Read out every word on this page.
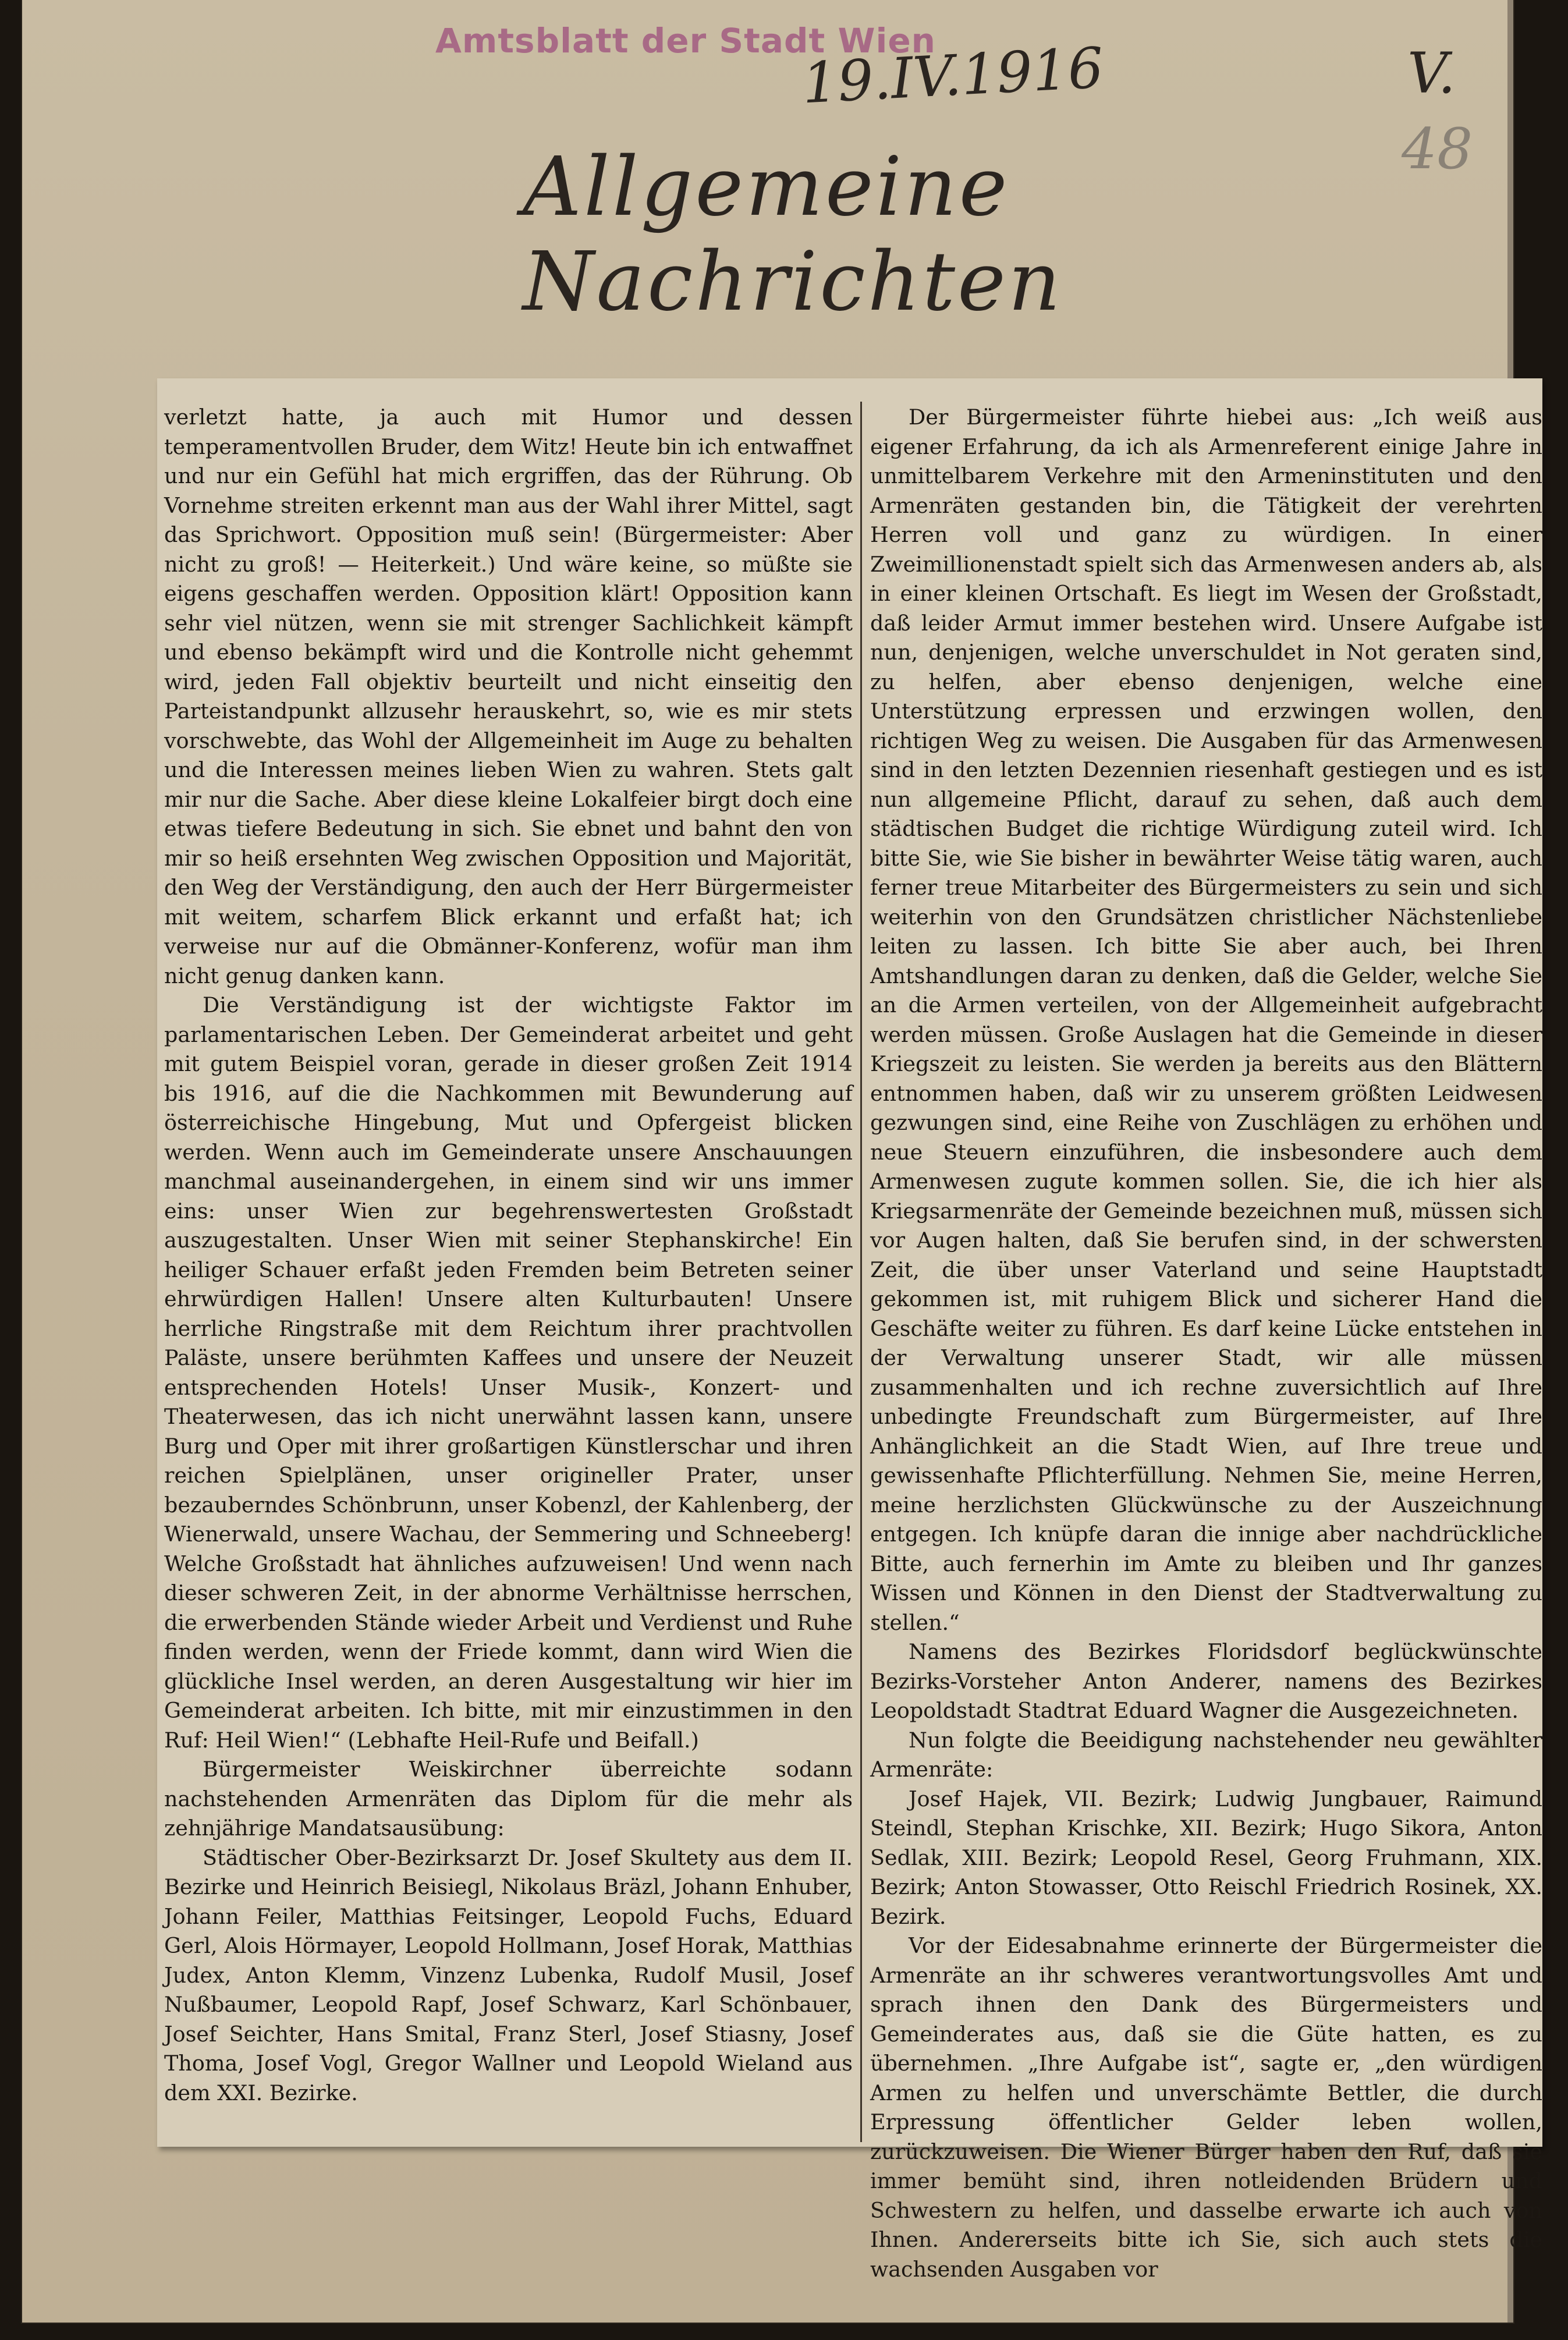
Amtsblatt der Stadt Wien
19.IV.1916	V.
48
Allgemeine Nachrichten

verletzt hatte, ja auch mit Humor und dessen temperamentvollen Bruder, dem Witz! Heute bin ich entwaffnet und nur ein Gefühl hat mich ergriffen, das der Rührung. Ob Vornehme streiten erkennt man aus der Wahl ihrer Mittel, sagt das Sprichwort. Opposition muß sein! (Bürgermeister: Aber nicht zu groß! — Heiterkeit.) Und wäre keine, so müßte sie eigens geschaffen werden. Opposition klärt! Opposition kann sehr viel nützen, wenn sie mit strenger Sachlichkeit kämpft und ebenso bekämpft wird und die Kontrolle nicht gehemmt wird, jeden Fall objektiv beurteilt und nicht einseitig den Parteistandpunkt allzusehr herauskehrt, so, wie es mir stets vorschwebte, das Wohl der Allgemeinheit im Auge zu behalten und die Interessen meines lieben Wien zu wahren. Stets galt mir nur die Sache. Aber diese kleine Lokalfeier birgt doch eine etwas tiefere Bedeutung in sich. Sie ebnet und bahnt den von mir so heiß ersehnten Weg zwischen Opposition und Majorität, den Weg der Verständigung, den auch der Herr Bürgermeister mit weitem, scharfem Blick erkannt und erfaßt hat; ich verweise nur auf die Obmänner-Konferenz, wofür man ihm nicht genug danken kann.

Die Verständigung ist der wichtigste Faktor im parlamentarischen Leben. Der Gemeinderat arbeitet und geht mit gutem Beispiel voran, gerade in dieser großen Zeit 1914 bis 1916, auf die die Nachkommen mit Bewunderung auf österreichische Hingebung, Mut und Opfergeist blicken werden. Wenn auch im Gemeinderate unsere Anschauungen manchmal auseinandergehen, in einem sind wir uns immer eins: unser Wien zur begehrenswertesten Großstadt auszugestalten. Unser Wien mit seiner Stephanskirche! Ein heiliger Schauer erfaßt jeden Fremden beim Betreten seiner ehrwürdigen Hallen! Unsere alten Kulturbauten! Unsere herrliche Ringstraße mit dem Reichtum ihrer prachtvollen Paläste, unsere berühmten Kaffees und unsere der Neuzeit entsprechenden Hotels! Unser Musik-, Konzert- und Theaterwesen, das ich nicht unerwähnt lassen kann, unsere Burg und Oper mit ihrer großartigen Künstlerschar und ihren reichen Spielplänen, unser origineller Prater, unser bezauberndes Schönbrunn, unser Kobenzl, der Kahlenberg, der Wienerwald, unsere Wachau, der Semmering und Schneeberg! Welche Großstadt hat ähnliches aufzuweisen! Und wenn nach dieser schweren Zeit, in der abnorme Verhältnisse herrschen, die erwerbenden Stände wieder Arbeit und Verdienst und Ruhe finden werden, wenn der Friede kommt, dann wird Wien die glückliche Insel werden, an deren Ausgestaltung wir hier im Gemeinderat arbeiten. Ich bitte, mit mir einzustimmen in den Ruf: Heil Wien!“ (Lebhafte Heil-Rufe und Beifall.)

Bürgermeister Weiskirchner überreichte sodann nachstehenden Armenräten das Diplom für die mehr als zehnjährige Mandatsausübung:

Städtischer Ober-Bezirksarzt Dr. Josef Skultety aus dem II. Bezirke und Heinrich Beisiegl, Nikolaus Bräzl, Johann Enhuber, Johann Feiler, Matthias Feitsinger, Leopold Fuchs, Eduard Gerl, Alois Hörmayer, Leopold Hollmann, Josef Horak, Matthias Judex, Anton Klemm, Vinzenz Lubenka, Rudolf Musil, Josef Nußbaumer, Leopold Rapf, Josef Schwarz, Karl Schönbauer, Josef Seichter, Hans Smital, Franz Sterl, Josef Stiasny, Josef Thoma, Josef Vogl, Gregor Wallner und Leopold Wieland aus dem XXI. Bezirke.

Der Bürgermeister führte hiebei aus: „Ich weiß aus eigener Erfahrung, da ich als Armenreferent einige Jahre in unmittelbarem Verkehre mit den Armeninstituten und den Armenräten gestanden bin, die Tätigkeit der verehrten Herren voll und ganz zu würdigen. In einer Zweimillionenstadt spielt sich das Armenwesen anders ab, als in einer kleinen Ortschaft. Es liegt im Wesen der Großstadt, daß leider Armut immer bestehen wird. Unsere Aufgabe ist nun, denjenigen, welche unverschuldet in Not geraten sind, zu helfen, aber ebenso denjenigen, welche eine Unterstützung erpressen und erzwingen wollen, den richtigen Weg zu weisen. Die Ausgaben für das Armenwesen sind in den letzten Dezennien riesenhaft gestiegen und es ist nun allgemeine Pflicht, darauf zu sehen, daß auch dem städtischen Budget die richtige Würdigung zuteil wird. Ich bitte Sie, wie Sie bisher in bewährter Weise tätig waren, auch ferner treue Mitarbeiter des Bürgermeisters zu sein und sich weiterhin von den Grundsätzen christlicher Nächstenliebe leiten zu lassen. Ich bitte Sie aber auch, bei Ihren Amtshandlungen daran zu denken, daß die Gelder, welche Sie an die Armen verteilen, von der Allgemeinheit aufgebracht werden müssen. Große Auslagen hat die Gemeinde in dieser Kriegszeit zu leisten. Sie werden ja bereits aus den Blättern entnommen haben, daß wir zu unserem größten Leidwesen gezwungen sind, eine Reihe von Zuschlägen zu erhöhen und neue Steuern einzuführen, die insbesondere auch dem Armenwesen zugute kommen sollen. Sie, die ich hier als Kriegsarmenräte der Gemeinde bezeichnen muß, müssen sich vor Augen halten, daß Sie berufen sind, in der schwersten Zeit, die über unser Vaterland und seine Hauptstadt gekommen ist, mit ruhigem Blick und sicherer Hand die Geschäfte weiter zu führen. Es darf keine Lücke entstehen in der Verwaltung unserer Stadt, wir alle müssen zusammenhalten und ich rechne zuversichtlich auf Ihre unbedingte Freundschaft zum Bürgermeister, auf Ihre Anhänglichkeit an die Stadt Wien, auf Ihre treue und gewissenhafte Pflichterfüllung. Nehmen Sie, meine Herren, meine herzlichsten Glückwünsche zu der Auszeichnung entgegen. Ich knüpfe daran die innige aber nachdrückliche Bitte, auch fernerhin im Amte zu bleiben und Ihr ganzes Wissen und Können in den Dienst der Stadtverwaltung zu stellen.“

Namens des Bezirkes Floridsdorf beglückwünschte Bezirks-Vorsteher Anton Anderer, namens des Bezirkes Leopoldstadt Stadtrat Eduard Wagner die Ausgezeichneten.

Nun folgte die Beeidigung nachstehender neu gewählter Armenräte:

Josef Hajek, VII. Bezirk; Ludwig Jungbauer, Raimund Steindl, Stephan Krischke, XII. Bezirk; Hugo Sikora, Anton Sedlak, XIII. Bezirk; Leopold Resel, Georg Fruhmann, XIX. Bezirk; Anton Stowasser, Otto Reischl Friedrich Rosinek, XX. Bezirk.

Vor der Eidesabnahme erinnerte der Bürgermeister die Armenräte an ihr schweres verantwortungsvolles Amt und sprach ihnen den Dank des Bürgermeisters und Gemeinderates aus, daß sie die Güte hatten, es zu übernehmen. „Ihre Aufgabe ist“, sagte er, „den würdigen Armen zu helfen und unverschämte Bettler, die durch Erpressung öffentlicher Gelder leben wollen, zurückzuweisen. Die Wiener Bürger haben den Ruf, daß sie immer bemüht sind, ihren notleidenden Brüdern und Schwestern zu helfen, und dasselbe erwarte ich auch von Ihnen. Andererseits bitte ich Sie, sich auch stets die wachsenden Ausgaben vor
